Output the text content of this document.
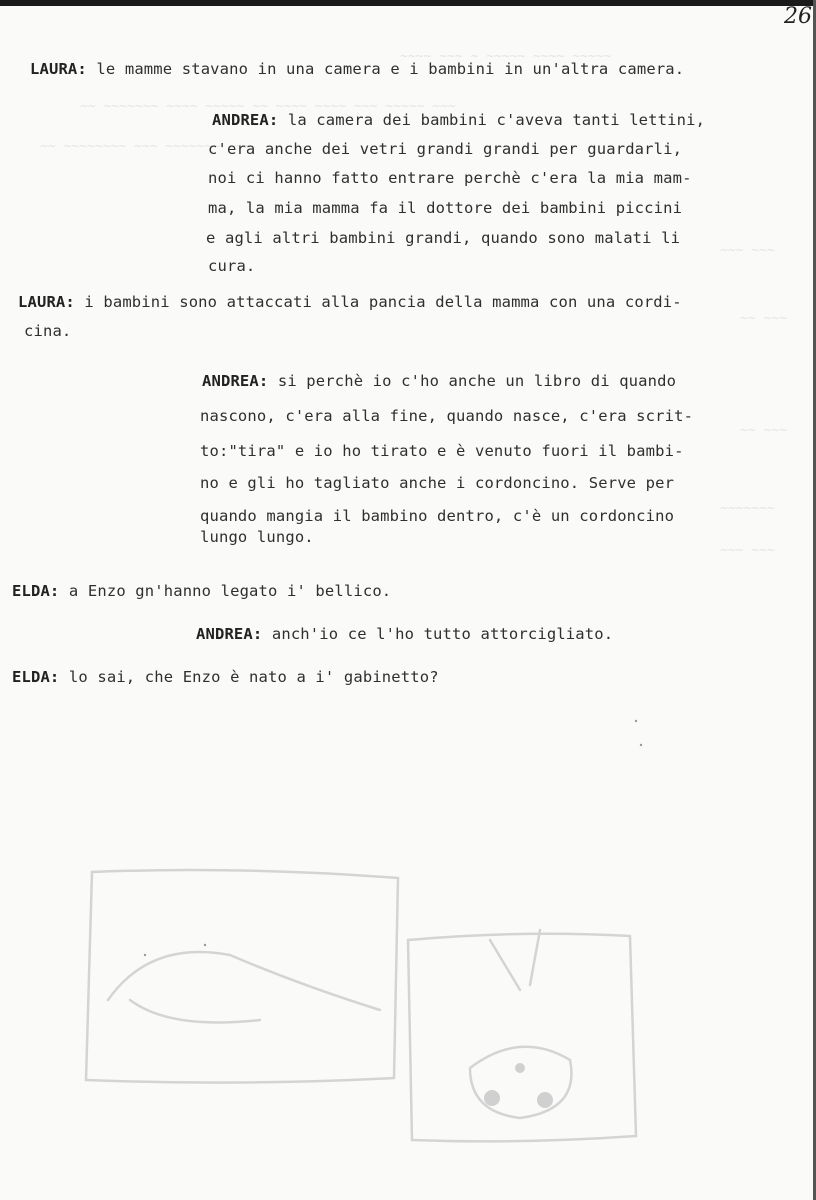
26

~~~~ ~~~ ~ ~~~~~ ~~~~ ~~~~~

~~ ~~~~~~~ ~~~~ ~~~~~ ~~ ~~~~ ~~~~ ~~~ ~~~~~ ~~~

~~ ~~~~~~~~ ~~~ ~~~~~~~ ~~~

~~~ ~~~

~~ ~~~

~~ ~~~

~~~~~~~

~~~ ~~~

LAURA: le mamme stavano in una camera e i bambini in un'altra camera.
ANDREA: la camera dei bambini c'aveva tanti lettini,
c'era anche dei vetri grandi grandi per guardarli,
noi ci hanno fatto entrare perchè c'era la mia mam-
ma, la mia mamma fa il dottore dei bambini piccini
e agli altri bambini grandi, quando sono malati li
cura.
LAURA: i bambini sono attaccati alla pancia della mamma con una cordi-
cina.
ANDREA: si perchè io c'ho anche un libro di quando
nascono, c'era alla fine, quando nasce, c'era scrit-
to:"tira" e io ho tirato e è venuto fuori il bambi-
no e gli ho tagliato anche i cordoncino. Serve per
quando mangia il bambino dentro, c'è un cordoncino
lungo lungo.
ELDA: a Enzo gn'hanno legato i' bellico.
ANDREA: anch'io ce l'ho tutto attorcigliato.
ELDA: lo sai, che Enzo è nato a i' gabinetto?
